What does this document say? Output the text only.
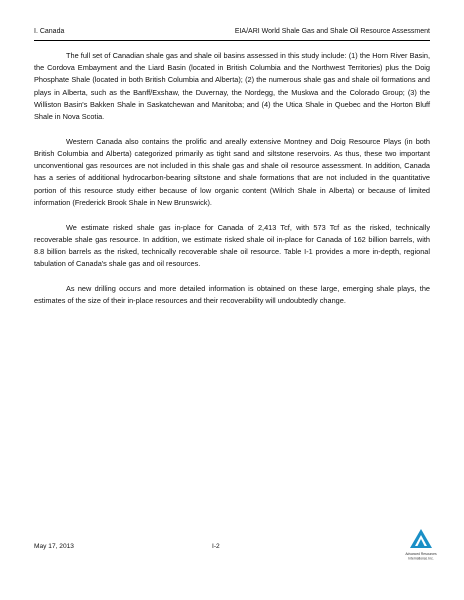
I. Canada	EIA/ARI World Shale Gas and Shale Oil Resource Assessment

The full set of Canadian shale gas and shale oil basins assessed in this study include: (1) the Horn River Basin, the Cordova Embayment and the Liard Basin (located in British Columbia and the Northwest Territories) plus the Doig Phosphate Shale (located in both British Columbia and Alberta); (2) the numerous shale gas and shale oil formations and plays in Alberta, such as the Banff/Exshaw, the Duvernay, the Nordegg, the Muskwa and the Colorado Group; (3) the Williston Basin's Bakken Shale in Saskatchewan and Manitoba; and (4) the Utica Shale in Quebec and the Horton Bluff Shale in Nova Scotia.

Western Canada also contains the prolific and areally extensive Montney and Doig Resource Plays (in both British Columbia and Alberta) categorized primarily as tight sand and siltstone reservoirs. As thus, these two important unconventional gas resources are not included in this shale gas and shale oil resource assessment. In addition, Canada has a series of additional hydrocarbon-bearing siltstone and shale formations that are not included in the quantitative portion of this resource study either because of low organic content (Wilrich Shale in Alberta) or because of limited information (Frederick Brook Shale in New Brunswick).

We estimate risked shale gas in-place for Canada of 2,413 Tcf, with 573 Tcf as the risked, technically recoverable shale gas resource. In addition, we estimate risked shale oil in-place for Canada of 162 billion barrels, with 8.8 billion barrels as the risked, technically recoverable shale oil resource. Table I-1 provides a more in-depth, regional tabulation of Canada's shale gas and oil resources.

As new drilling occurs and more detailed information is obtained on these large, emerging shale plays, the estimates of the size of their in-place resources and their recoverability will undoubtedly change.

May 17, 2013	I-2
Advanced Resources
International, Inc.
